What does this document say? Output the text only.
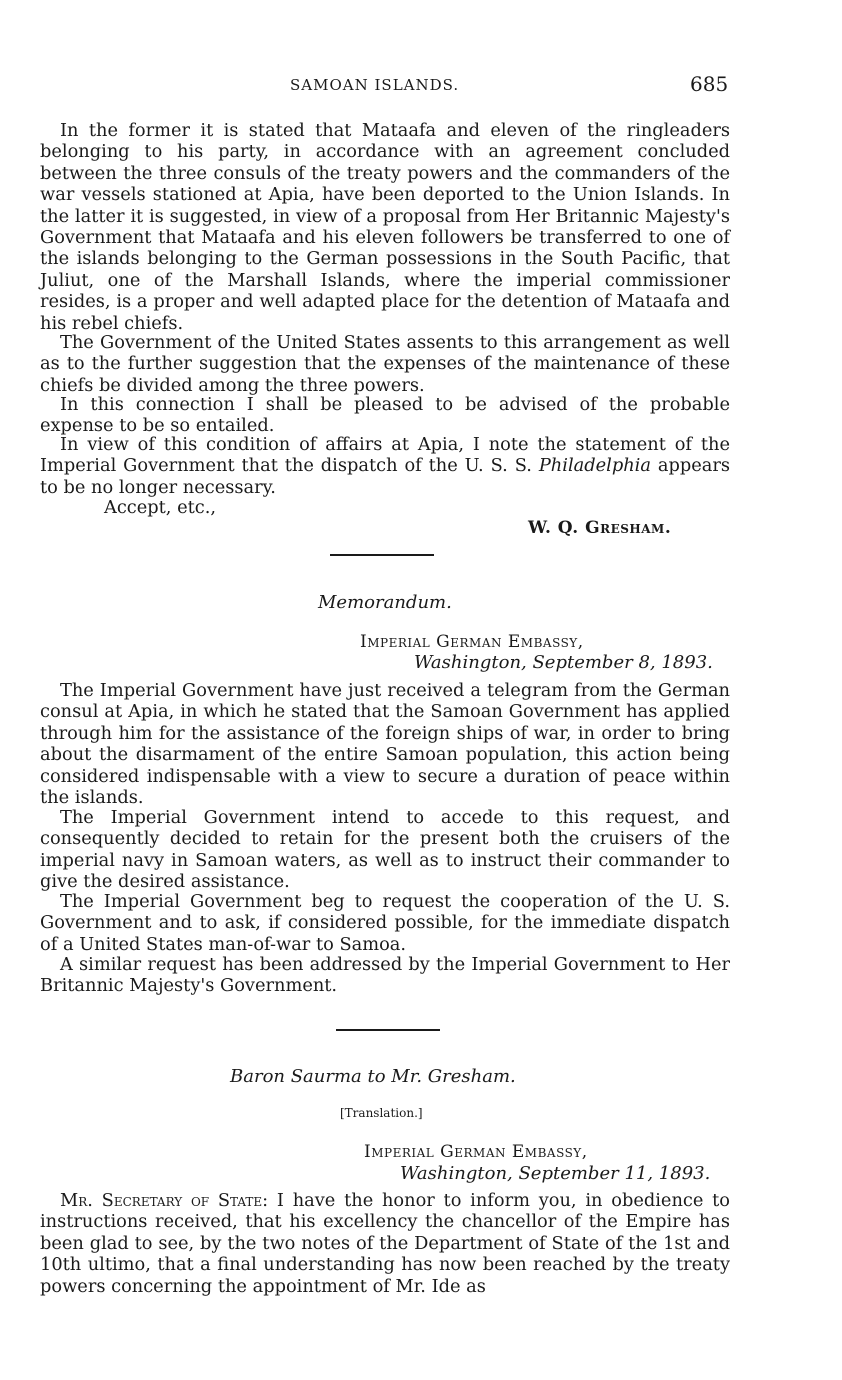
SAMOAN ISLANDS.	685
In the former it is stated that Mataafa and eleven of the ringleaders belonging to his party, in accordance with an agreement concluded between the three consuls of the treaty powers and the commanders of the war vessels stationed at Apia, have been deported to the Union Islands. In the latter it is suggested, in view of a proposal from Her Britannic Majesty's Government that Mataafa and his eleven followers be transferred to one of the islands belonging to the German possessions in the South Pacific, that Juliut, one of the Marshall Islands, where the imperial commissioner resides, is a proper and well adapted place for the detention of Mataafa and his rebel chiefs.
The Government of the United States assents to this arrangement as well as to the further suggestion that the expenses of the maintenance of these chiefs be divided among the three powers.
In this connection I shall be pleased to be advised of the probable expense to be so entailed.
In view of this condition of affairs at Apia, I note the statement of the Imperial Government that the dispatch of the U. S. S. Philadelphia appears to be no longer necessary.
Accept, etc.,
W. Q. Gresham.
Memorandum.
Imperial German Embassy,
Washington, September 8, 1893.
The Imperial Government have just received a telegram from the German consul at Apia, in which he stated that the Samoan Government has applied through him for the assistance of the foreign ships of war, in order to bring about the disarmament of the entire Samoan population, this action being considered indispensable with a view to secure a duration of peace within the islands.
The Imperial Government intend to accede to this request, and consequently decided to retain for the present both the cruisers of the imperial navy in Samoan waters, as well as to instruct their commander to give the desired assistance.
The Imperial Government beg to request the cooperation of the U. S. Government and to ask, if considered possible, for the immediate dispatch of a United States man-of-war to Samoa.
A similar request has been addressed by the Imperial Government to Her Britannic Majesty's Government.
Baron Saurma to Mr. Gresham.
[Translation.]
Imperial German Embassy,
Washington, September 11, 1893.
Mr. Secretary of State: I have the honor to inform you, in obedience to instructions received, that his excellency the chancellor of the Empire has been glad to see, by the two notes of the Department of State of the 1st and 10th ultimo, that a final understanding has now been reached by the treaty powers concerning the appointment of Mr. Ide as
